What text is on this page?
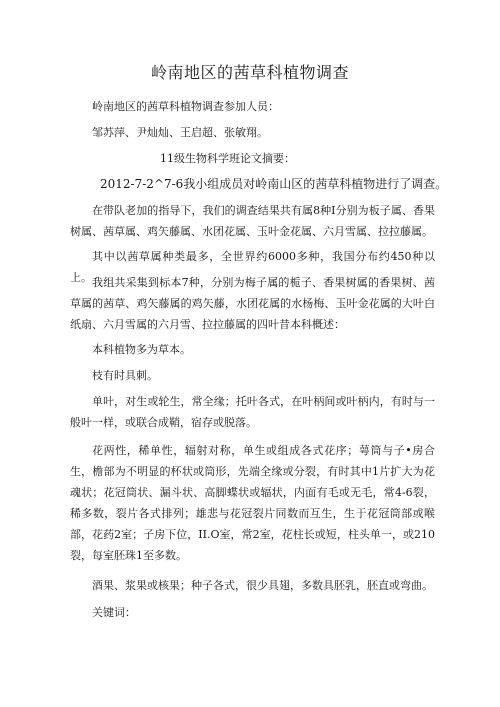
岭南地区的茜草科植物调查
岭南地区的茜草科植物调查参加人员：
邹苏萍、尹灿灿、王启超、张敏翔。
11级生物科学班论文摘要：
2012-7-2^7-6我小组成员对岭南山区的茜草科植物进行了调查。

在带队老加的指导下，我们的调查结果共有属8种I分别为板子属、香果树属、茜草属、鸡矢藤属、水团花属、玉叶金花属、六月雪属、拉拉藤属。

其中以茜草属种类最多，全世界约6000多种，我国分布约450种以上。 我组共采集到标本7种，分别为梅子属的栀子、香果树属的香果树、茜草属的茜草、鸡矢藤属的鸡矢藤，水团花属的水杨梅、玉叶金花属的大叶白纸扇、六月雪属的六月雪、拉拉藤属的四叶昔本科概述：

本科植物多为草本。
枝有时具刺。

单叶，对生或轮生，常全缘；托叶各式，在叶柄间或叶柄内，有时与一般叶一样，或联合成鞘，宿存或脱落。

花两性，稀单性，辐射对称，单生或组成各式花序；萼筒与子•房合生，檐部为不明显的杯状或筒形，先端全缘或分裂，有时其中1片扩大为花魂状；花冠筒状、漏斗状、高脚蝶状或辐状，内面有毛或无毛，常4-6裂，稀多数，裂片各式排列；雄悲与花冠裂片同数而互生，生于花冠筒部或喉部，花药2室；子房下位，II.O室，常2室，花柱长或短，柱头单一，或210裂，每室胚珠1至多数。

酒果、浆果或核果；种子各式，很少具翅，多数具胚乳，胚直或弯曲。

关键词：
